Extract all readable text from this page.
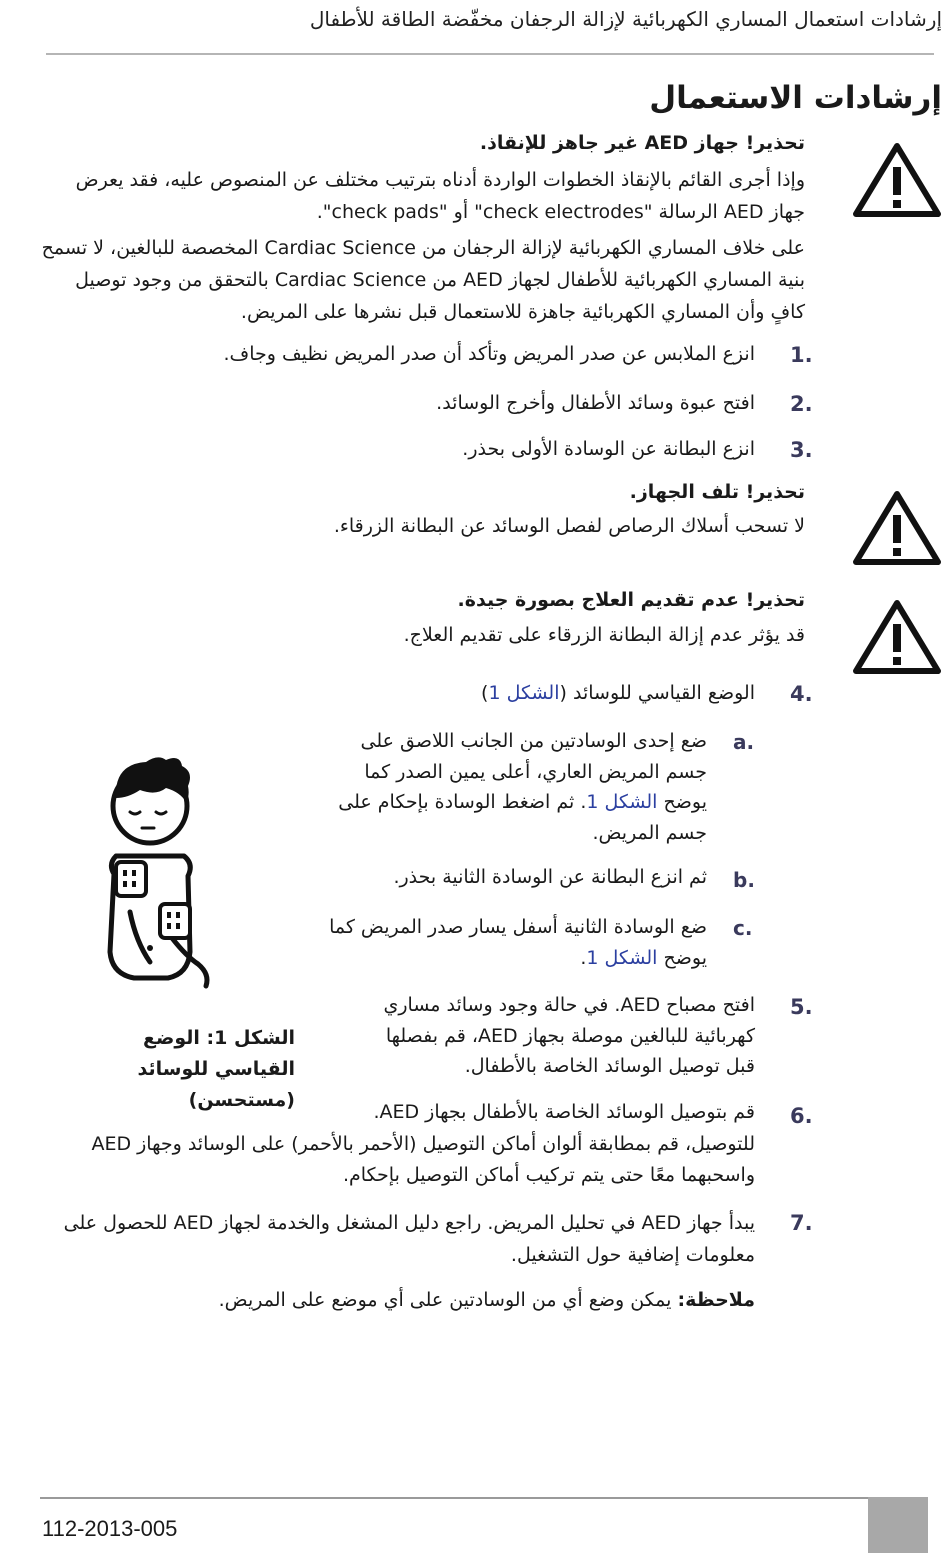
إرشادات استعمال المساري الكهربائية لإزالة الرجفان مخفّضة الطاقة للأطفال
إرشادات الاستعمال
تحذير! جهاز AED غير جاهز للإنقاذ.
وإذا أجرى القائم بالإنقاذ الخطوات الواردة أدناه بترتيب مختلف عن المنصوص عليه، فقد يعرض جهاز AED الرسالة "check electrodes" أو "check pads".
على خلاف المساري الكهربائية لإزالة الرجفان من Cardiac Science المخصصة للبالغين، لا تسمح بنية المساري الكهربائية للأطفال لجهاز AED من Cardiac Science بالتحقق من وجود توصيل كافٍ وأن المساري الكهربائية جاهزة للاستعمال قبل نشرها على المريض.
1.
انزع الملابس عن صدر المريض وتأكد أن صدر المريض نظيف وجاف.
2.
افتح عبوة وسائد الأطفال وأخرج الوسائد.
3.
انزع البطانة عن الوسادة الأولى بحذر.
تحذير! تلف الجهاز.
لا تسحب أسلاك الرصاص لفصل الوسائد عن البطانة الزرقاء.
تحذير! عدم تقديم العلاج بصورة جيدة.
قد يؤثر عدم إزالة البطانة الزرقاء على تقديم العلاج.
4.
الوضع القياسي للوسائد (الشكل 1)
a.
ضع إحدى الوسادتين من الجانب اللاصق على جسم المريض العاري، أعلى يمين الصدر كما يوضح الشكل 1. ثم اضغط الوسادة بإحكام على جسم المريض.
b.
ثم انزع البطانة عن الوسادة الثانية بحذر.
c.
ضع الوسادة الثانية أسفل يسار صدر المريض كما يوضح الشكل 1.
الشكل 1: الوضع القياسي للوسائد (مستحسن)
5.
افتح مصباح AED. في حالة وجود وسائد مساري كهربائية للبالغين موصلة بجهاز AED، قم بفصلها قبل توصيل الوسائد الخاصة بالأطفال.
6.
قم بتوصيل الوسائد الخاصة بالأطفال بجهاز AED.
للتوصيل، قم بمطابقة ألوان أماكن التوصيل (الأحمر بالأحمر) على الوسائد وجهاز AED واسحبهما معًا حتى يتم تركيب أماكن التوصيل بإحكام.
7.
يبدأ جهاز AED في تحليل المريض. راجع دليل المشغل والخدمة لجهاز AED للحصول على معلومات إضافية حول التشغيل.
ملاحظة: يمكن وضع أي من الوسادتين على أي موضع على المريض.
112-2013-005
